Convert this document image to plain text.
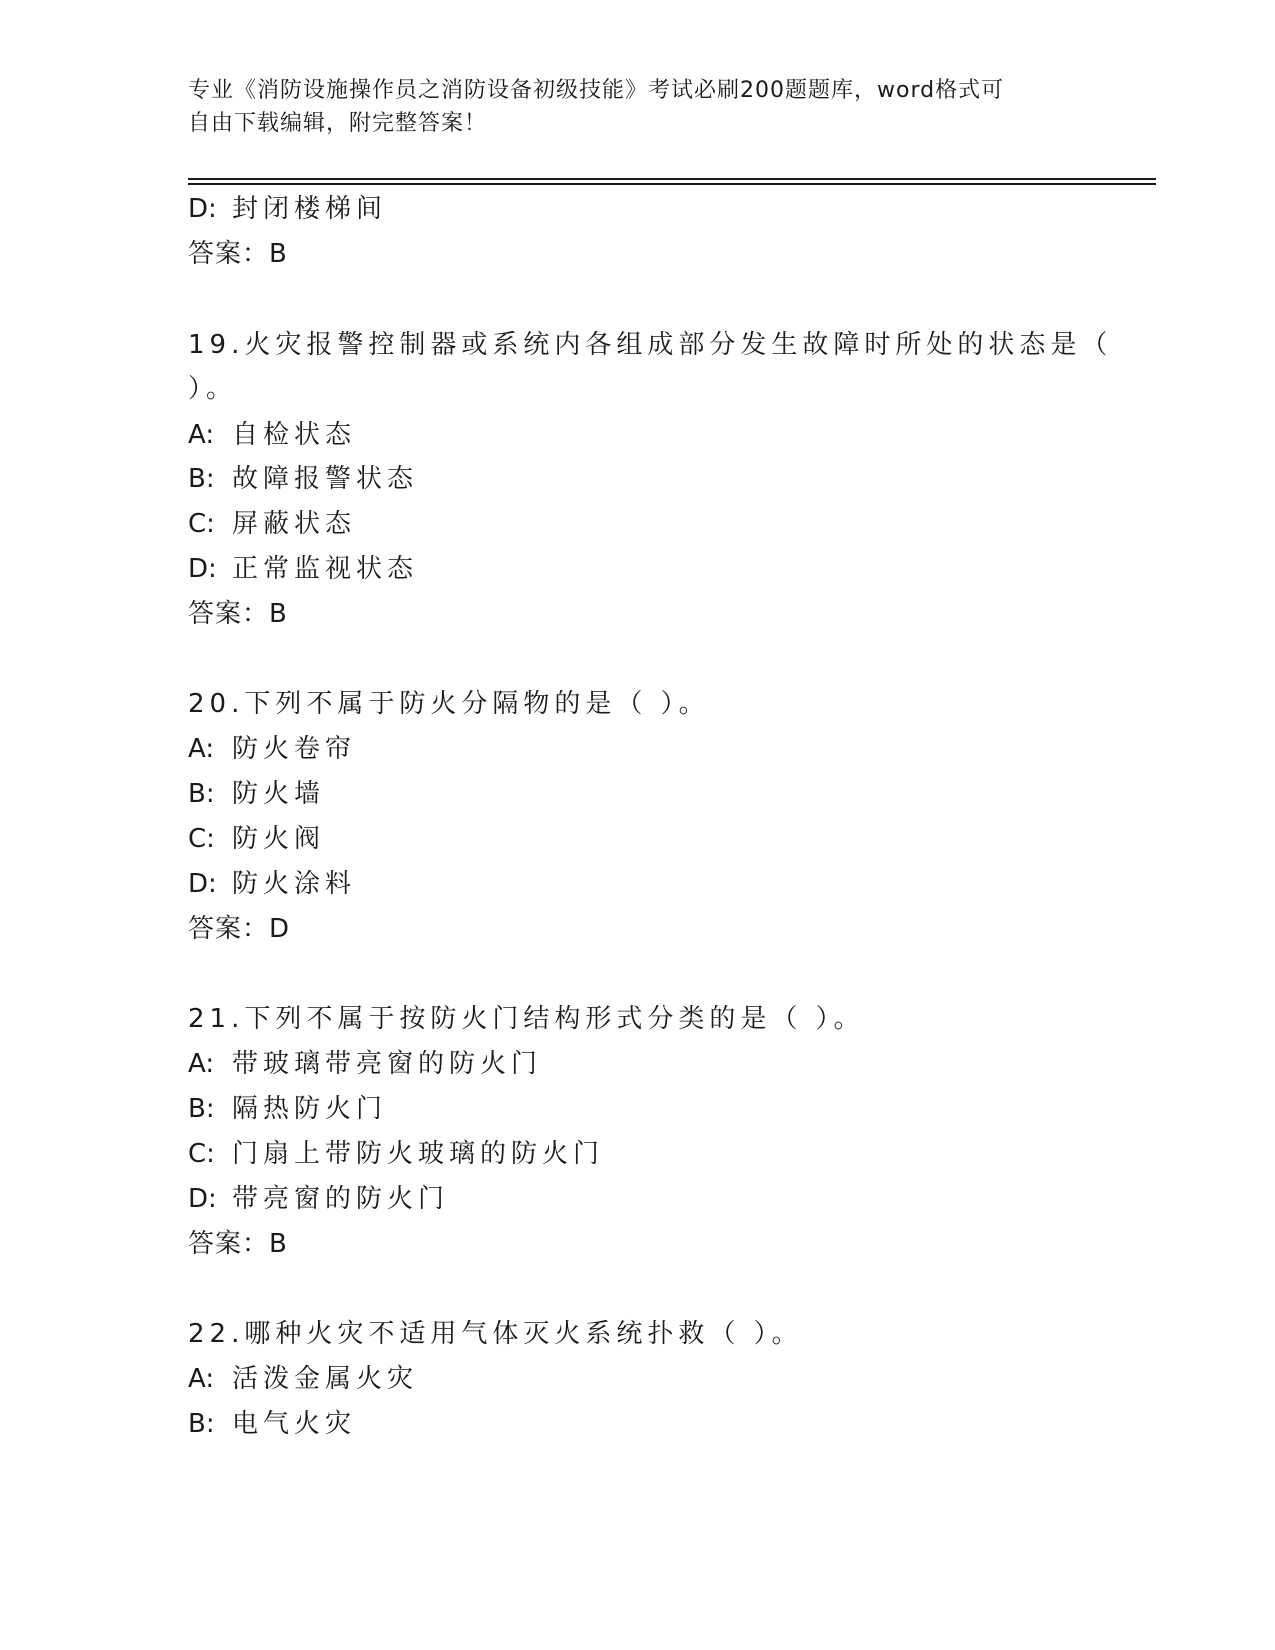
专业《消防设施操作员之消防设备初级技能》考试必刷200题题库，word格式可
自由下载编辑，附完整答案！
D: 封闭楼梯间
答案：B
19.火灾报警控制器或系统内各组成部分发生故障时所处的状态是（
）。
A: 自检状态
B: 故障报警状态
C: 屏蔽状态
D: 正常监视状态
答案：B
20.下列不属于防火分隔物的是（ ）。
A: 防火卷帘
B: 防火墙
C: 防火阀
D: 防火涂料
答案：D
21.下列不属于按防火门结构形式分类的是（ ）。
A: 带玻璃带亮窗的防火门
B: 隔热防火门
C: 门扇上带防火玻璃的防火门
D: 带亮窗的防火门
答案：B
22.哪种火灾不适用气体灭火系统扑救（ ）。
A: 活泼金属火灾
B: 电气火灾
